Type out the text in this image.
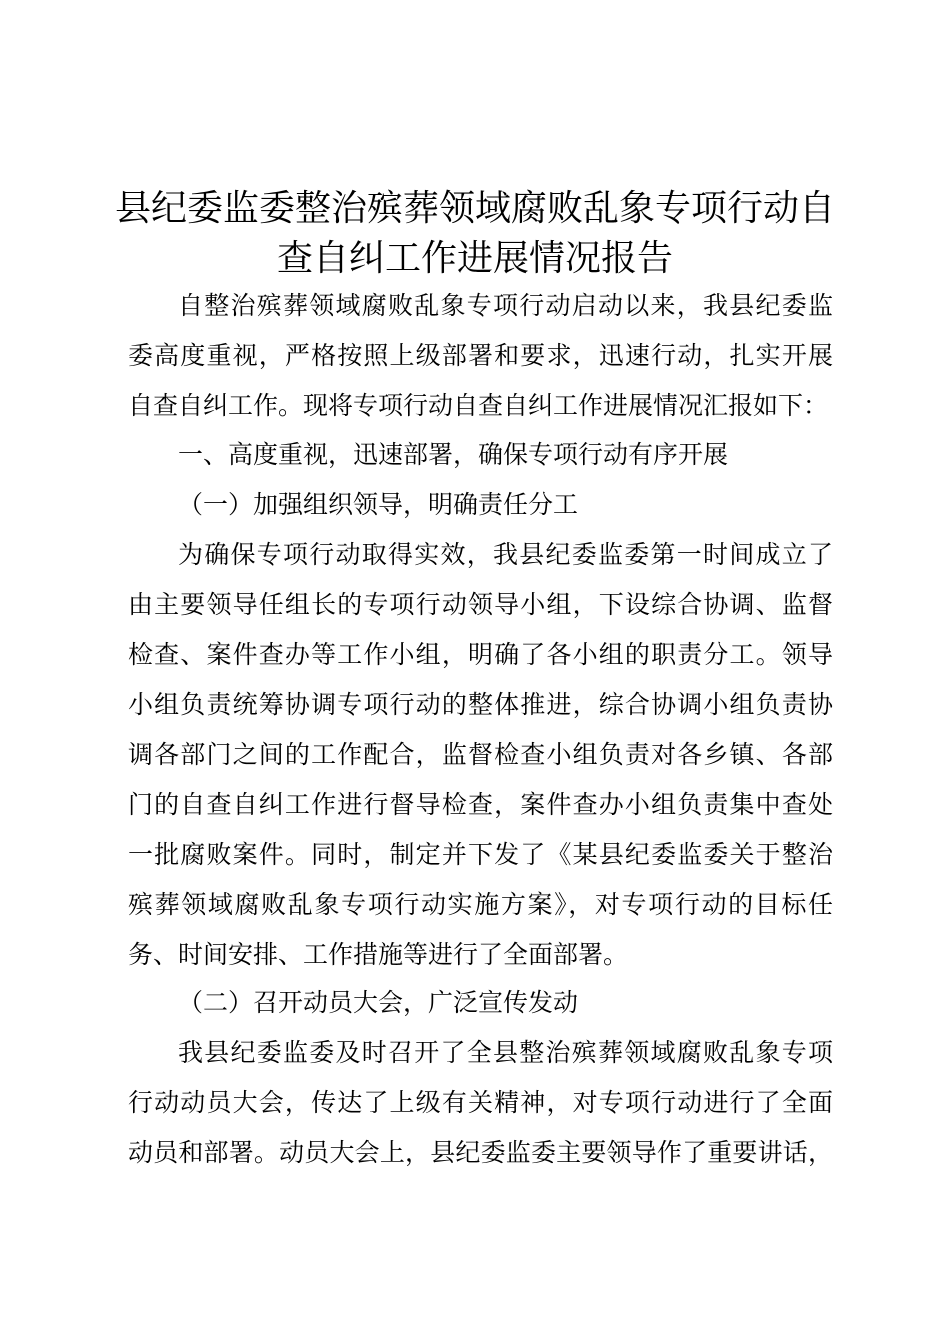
县纪委监委整治殡葬领域腐败乱象专项行动自
查自纠工作进展情况报告
自整治殡葬领域腐败乱象专项行动启动以来，我县纪委监
委高度重视，严格按照上级部署和要求，迅速行动，扎实开展
自查自纠工作。现将专项行动自查自纠工作进展情况汇报如下：
一、高度重视，迅速部署，确保专项行动有序开展
（一）加强组织领导，明确责任分工
为确保专项行动取得实效，我县纪委监委第一时间成立了
由主要领导任组长的专项行动领导小组，下设综合协调、监督
检查、案件查办等工作小组，明确了各小组的职责分工。领导
小组负责统筹协调专项行动的整体推进，综合协调小组负责协
调各部门之间的工作配合，监督检查小组负责对各乡镇、各部
门的自查自纠工作进行督导检查，案件查办小组负责集中查处
一批腐败案件。同时，制定并下发了《某县纪委监委关于整治
殡葬领域腐败乱象专项行动实施方案》，对专项行动的目标任
务、时间安排、工作措施等进行了全面部署。
（二）召开动员大会，广泛宣传发动
我县纪委监委及时召开了全县整治殡葬领域腐败乱象专项
行动动员大会，传达了上级有关精神，对专项行动进行了全面
动员和部署。动员大会上，县纪委监委主要领导作了重要讲话，
